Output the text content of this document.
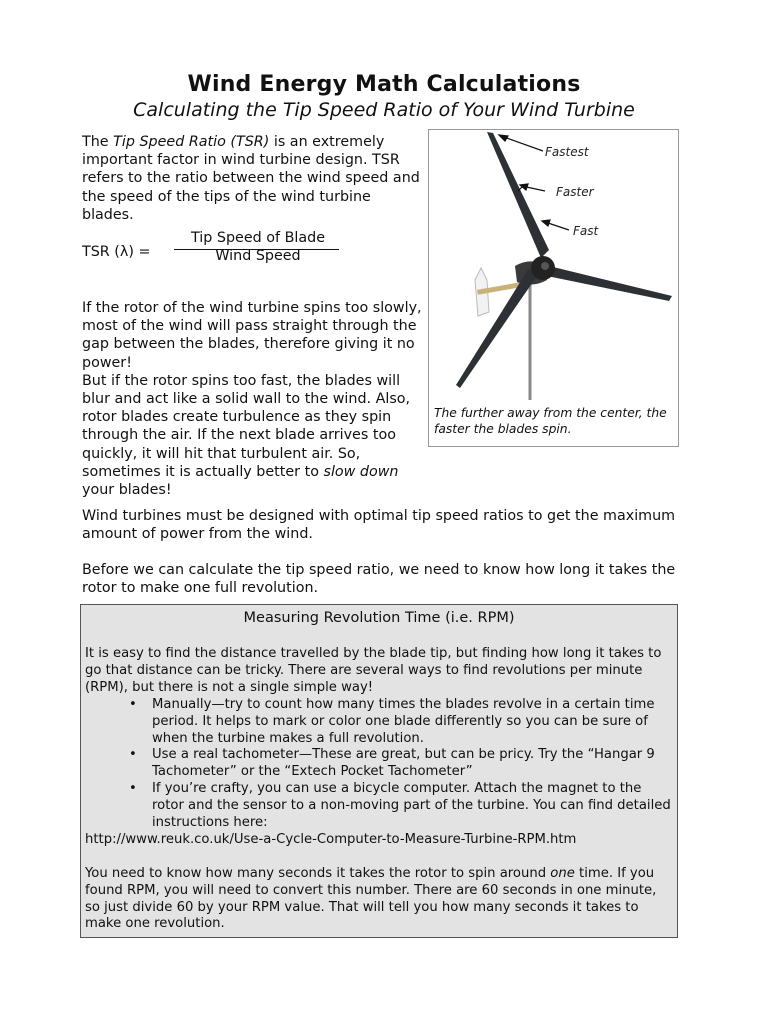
Wind Energy Math Calculations
Calculating the Tip Speed Ratio of Your Wind Turbine
The Tip Speed Ratio (TSR) is an extremely important factor in wind turbine design. TSR refers to the ratio between the wind speed and the speed of the tips of the wind turbine blades.
TSR (λ) =
Tip Speed of Blade
Wind Speed
If the rotor of the wind turbine spins too slowly, most of the wind will pass straight through the gap between the blades, therefore giving it no power!
But if the rotor spins too fast, the blades will blur and act like a solid wall to the wind. Also, rotor blades create turbulence as they spin through the air. If the next blade arrives too quickly, it will hit that turbulent air. So, sometimes it is actually better to slow down your blades!
Wind turbines must be designed with optimal tip speed ratios to get the maximum amount of power from the wind.
Before we can calculate the tip speed ratio, we need to know how long it takes the rotor to make one full revolution.
Fastest
Faster
Fast
The further away from the center, the faster the blades spin.
Measuring Revolution Time (i.e. RPM)
It is easy to find the distance travelled by the blade tip, but finding how long it takes to go that distance can be tricky. There are several ways to find revolutions per minute (RPM), but there is not a single simple way!
• Manually—try to count how many times the blades revolve in a certain time period. It helps to mark or color one blade differently so you can be sure of when the turbine makes a full revolution.
• Use a real tachometer—These are great, but can be pricy. Try the “Hangar 9 Tachometer” or the “Extech Pocket Tachometer”
• If you’re crafty, you can use a bicycle computer. Attach the magnet to the rotor and the sensor to a non-moving part of the turbine. You can find detailed instructions here:
http://www.reuk.co.uk/Use-a-Cycle-Computer-to-Measure-Turbine-RPM.htm
You need to know how many seconds it takes the rotor to spin around one time. If you found RPM, you will need to convert this number. There are 60 seconds in one minute, so just divide 60 by your RPM value. That will tell you how many seconds it takes to make one revolution.
